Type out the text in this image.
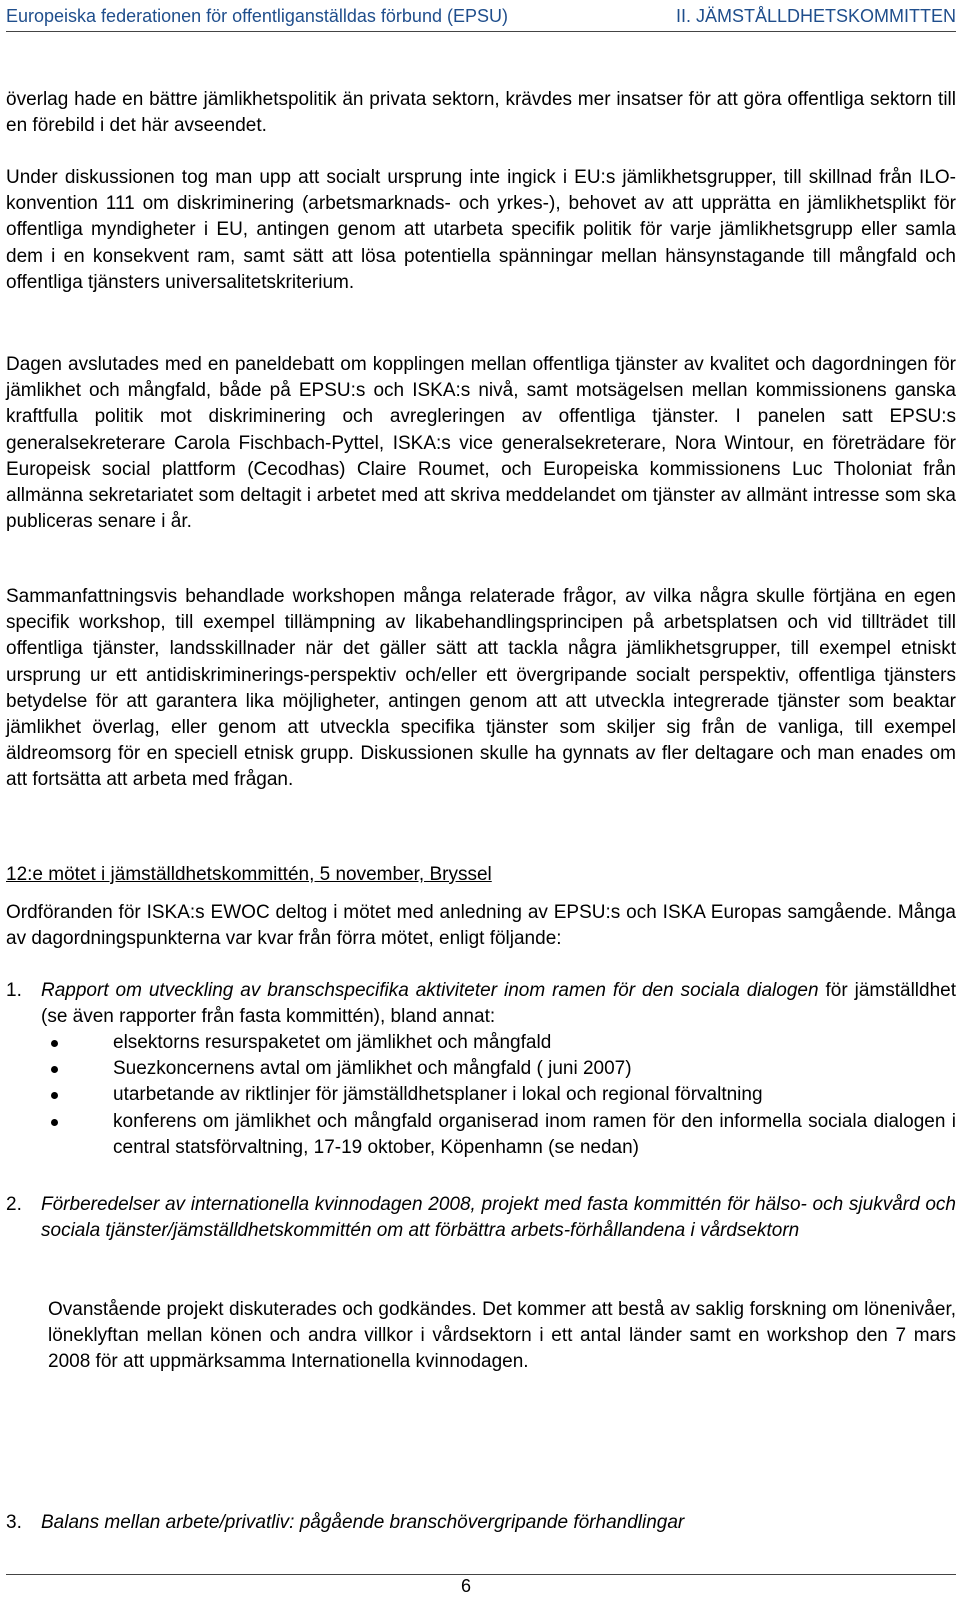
Europeiska federationen för offentliganställdas förbund (EPSU)	II. JÄMSTÅLLDHETSKOMMITTEN

överlag hade en bättre jämlikhetspolitik än privata sektorn, krävdes mer insatser för att göra offentliga sektorn till en förebild i det här avseendet.

Under diskussionen tog man upp att socialt ursprung inte ingick i EU:s jämlikhetsgrupper, till skillnad från ILO-konvention 111 om diskriminering (arbetsmarknads- och yrkes-), behovet av att upprätta en jämlikhetsplikt för offentliga myndigheter i EU, antingen genom att utarbeta specifik politik för varje jämlikhetsgrupp eller samla dem i en konsekvent ram, samt sätt att lösa potentiella spänningar mellan hänsynstagande till mångfald och offentliga tjänsters universalitetskriterium.

Dagen avslutades med en paneldebatt om kopplingen mellan offentliga tjänster av kvalitet och dagordningen för jämlikhet och mångfald, både på EPSU:s och ISKA:s nivå, samt motsägelsen mellan kommissionens ganska kraftfulla politik mot diskriminering och avregleringen av offentliga tjänster. I panelen satt EPSU:s generalsekreterare Carola Fischbach-Pyttel, ISKA:s vice generalsekreterare, Nora Wintour, en företrädare för Europeisk social plattform (Cecodhas) Claire Roumet, och Europeiska kommissionens Luc Tholoniat från allmänna sekretariatet som deltagit i arbetet med att skriva meddelandet om tjänster av allmänt intresse som ska publiceras senare i år.

Sammanfattningsvis behandlade workshopen många relaterade frågor, av vilka några skulle förtjäna en egen specifik workshop, till exempel tillämpning av likabehandlingsprincipen på arbetsplatsen och vid tillträdet till offentliga tjänster, landsskillnader när det gäller sätt att tackla några jämlikhetsgrupper, till exempel etniskt ursprung ur ett antidiskriminerings-perspektiv och/eller ett övergripande socialt perspektiv, offentliga tjänsters betydelse för att garantera lika möjligheter, antingen genom att att utveckla integrerade tjänster som beaktar jämlikhet överlag, eller genom att utveckla specifika tjänster som skiljer sig från de vanliga, till exempel äldreomsorg för en speciell etnisk grupp. Diskussionen skulle ha gynnats av fler deltagare och man enades om att fortsätta att arbeta med frågan.

12:e mötet i jämställdhetskommittén, 5 november, Bryssel

Ordföranden för ISKA:s EWOC deltog i mötet med anledning av EPSU:s och ISKA Europas samgående. Många av dagordningspunkterna var kvar från förra mötet, enligt följande:

1. Rapport om utveckling av branschspecifika aktiviteter inom ramen för den sociala dialogen för jämställdhet (se även rapporter från fasta kommittén), bland annat:
elsektorns resurspaketet om jämlikhet och mångfald
Suezkoncernens avtal om jämlikhet och mångfald ( juni 2007)
utarbetande av riktlinjer för jämställdhetsplaner i lokal och regional förvaltning
konferens om jämlikhet och mångfald organiserad inom ramen för den informella sociala dialogen i central statsförvaltning, 17-19 oktober, Köpenhamn (se nedan)
2. Förberedelser av internationella kvinnodagen 2008, projekt med fasta kommittén för hälso- och sjukvård och sociala tjänster/jämställdhetskommittén om att förbättra arbets-förhållandena i vårdsektorn

Ovanstående projekt diskuterades och godkändes. Det kommer att bestå av saklig forskning om lönenivåer, löneklyftan mellan könen och andra villkor i vårdsektorn i ett antal länder samt en workshop den 7 mars 2008 för att uppmärksamma Internationella kvinnodagen.

3. Balans mellan arbete/privatliv: pågående branschövergripande förhandlingar
6
